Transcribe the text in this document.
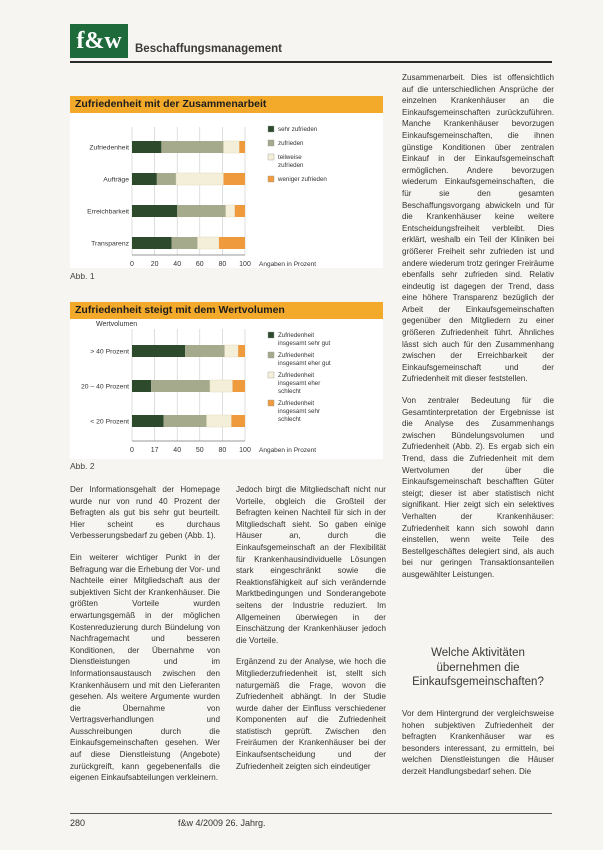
f&w	Beschaffungsmanagement
Zufriedenheit mit der Zusammenarbeit
0 20 40 60 80 100 Angaben in Prozent
Zufriedenheit
Aufträge
Erreichbarkeit
Transparenz
sehr zufrieden
zufrieden
teilweise
zufrieden
weniger zufrieden
Abb. 1
Zufriedenheit steigt mit dem Wertvolumen
0 17 40 50 80 100 Angaben in Prozent
Wertvolumen
> 40 Prozent
20 – 40 Prozent
< 20 Prozent
Zufriedenheit
insgesamt sehr gut
Zufriedenheit
insgesamt eher gut
Zufriedenheit
insgesamt eher
schlecht
Zufriedenheit
insgesamt sehr
schlecht
Abb. 2

Zusammenarbeit. Dies ist offensichtlich auf die unterschiedlichen Ansprüche der einzelnen Krankenhäuser an die Einkaufsgemeinschaften zurückzuführen. Manche Krankenhäuser bevorzugen Einkaufsgemeinschaften, die ihnen günstige Konditionen über zentralen Einkauf in der Einkaufsgemeinschaft ermöglichen. Andere bevorzugen wiederum Einkaufsgemeinschaften, die für sie den gesamten Beschaffungsvorgang abwickeln und für die Krankenhäuser keine weitere Entscheidungsfreiheit verbleibt. Dies erklärt, weshalb ein Teil der Kliniken bei größerer Freiheit sehr zufrieden ist und andere wiederum trotz geringer Freiräume ebenfalls sehr zufrieden sind. Relativ eindeutig ist dagegen der Trend, dass eine höhere Transparenz bezüglich der Arbeit der Einkaufsgemeinschaften gegenüber den Mitgliedern zu einer größeren Zufriedenheit führt. Ähnliches lässt sich auch für den Zusammenhang zwischen der Erreichbarkeit der Einkaufsgemeinschaft und der Zufriedenheit mit dieser feststellen.

Von zentraler Bedeutung für die Gesamtinterpretation der Ergebnisse ist die Analyse des Zusammenhangs zwischen Bündelungsvolumen und Zufriedenheit (Abb. 2). Es ergab sich ein Trend, dass die Zufriedenheit mit dem Wertvolumen der über die Einkaufsgemeinschaft beschafften Güter steigt; dieser ist aber statistisch nicht signifikant. Hier zeigt sich ein selektives Verhalten der Krankenhäuser: Zufriedenheit kann sich sowohl dann einstellen, wenn weite Teile des Bestellgeschäftes delegiert sind, als auch bei nur geringen Transaktionsanteilen ausgewählter Leistungen.

Welche Aktivitäten übernehmen die Einkaufsgemeinschaften?

Vor dem Hintergrund der vergleichsweise hohen subjektiven Zufriedenheit der befragten Krankenhäuser war es besonders interessant, zu ermitteln, bei welchen Dienstleistungen die Häuser derzeit Handlungsbedarf sehen. Die

Der Informationsgehalt der Homepage wurde nur von rund 40 Prozent der Befragten als gut bis sehr gut beurteilt. Hier scheint es durchaus Verbesserungsbedarf zu geben (Abb. 1).

Ein weiterer wichtiger Punkt in der Befragung war die Erhebung der Vor- und Nachteile einer Mitgliedschaft aus der subjektiven Sicht der Krankenhäuser. Die größten Vorteile wurden erwartungsgemäß in der möglichen Kostenreduzierung durch Bündelung von Nachfragemacht und besseren Konditionen, der Übernahme von Dienstleistungen und im Informationsaustausch zwischen den Krankenhäusern und mit den Lieferanten gesehen. Als weitere Argumente wurden die Übernahme von Vertragsverhandlungen und Ausschreibungen durch die Einkaufsgemeinschaften gesehen. Wer auf diese Dienstleistung (Angebote) zurückgreift, kann gegebenenfalls die eigenen Einkaufsabteilungen verkleinern.

Jedoch birgt die Mitgliedschaft nicht nur Vorteile, obgleich die Großteil der Befragten keinen Nachteil für sich in der Mitgliedschaft sieht. So gaben einige Häuser an, durch die Einkaufsgemeinschaft an der Flexibilität für Krankenhausindividuelle Lösungen stark eingeschränkt sowie die Reaktionsfähigkeit auf sich verändernde Marktbedingungen und Sonderangebote seitens der Industrie reduziert. Im Allgemeinen überwiegen in der Einschätzung der Krankenhäuser jedoch die Vorteile.

Ergänzend zu der Analyse, wie hoch die Mitgliederzufriedenheit ist, stellt sich naturgemäß die Frage, wovon die Zufriedenheit abhängt. In der Studie wurde daher der Einfluss verschiedener Komponenten auf die Zufriedenheit statistisch geprüft. Zwischen den Freiräumen der Krankenhäuser bei der Einkaufsentscheidung und der Zufriedenheit zeigten sich eindeutiger

280	f&w 4/2009 26. Jahrg.
